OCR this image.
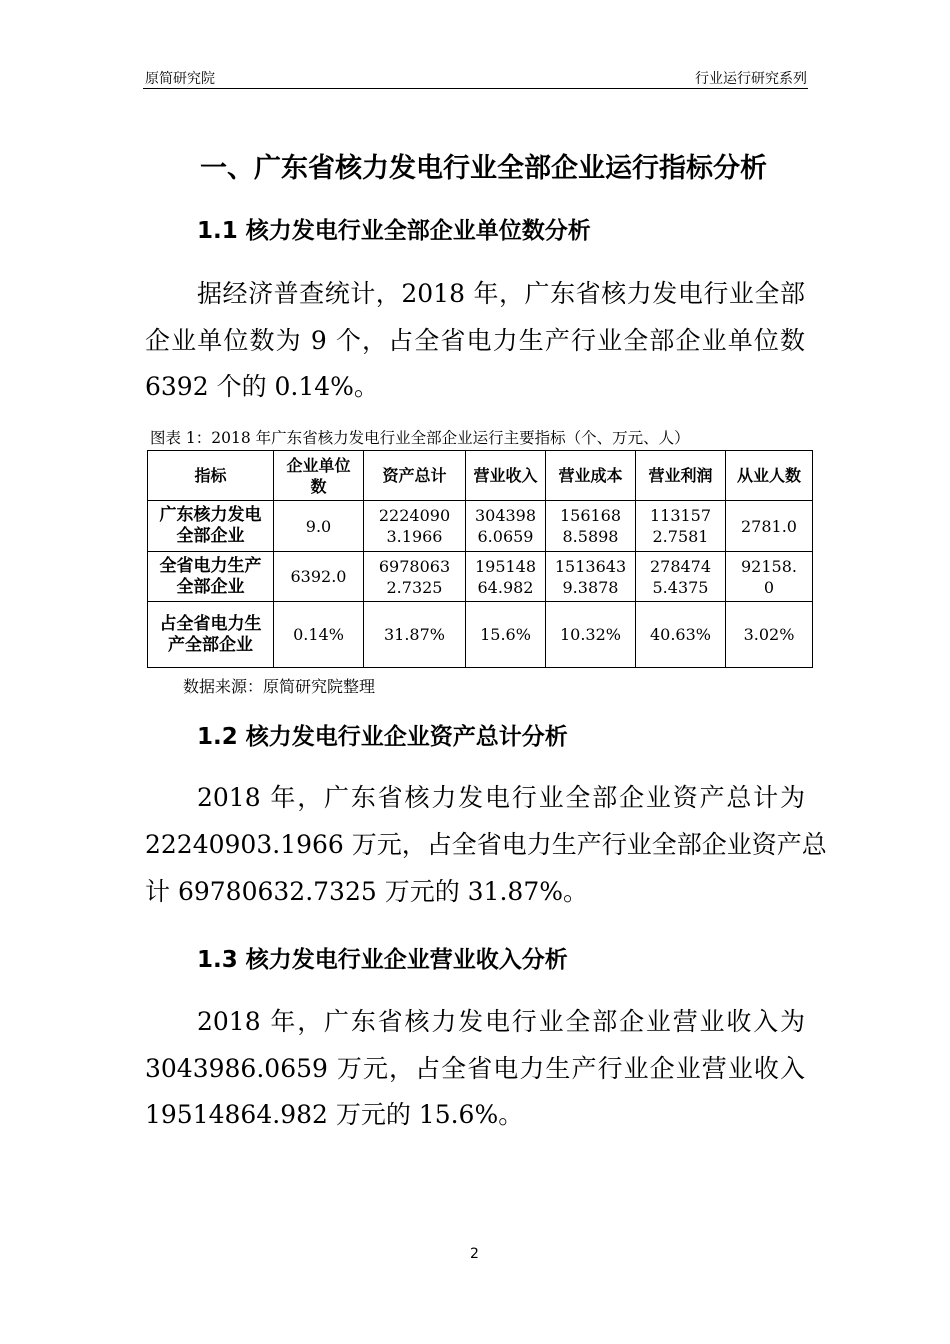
原简研究院	行业运行研究系列
一、广东省核力发电行业全部企业运行指标分析
1.1 核力发电行业全部企业单位数分析
据经济普查统计，2018 年，广东省核力发电行业全部
企业单位数为 9 个，占全省电力生产行业全部企业单位数
6392 个的 0.14%。
图表 1：2018 年广东省核力发电行业全部企业运行主要指标（个、万元、人）
指标	企业单位数	资产总计	营业收入	营业成本	营业利润	从业人数

广东核力发电全部企业	9.0	22240903.1966	3043986.0659	1561688.5898	1131572.7581	2781.0

全省电力生产全部企业	6392.0	69780632.7325	19514864.982	15136439.3878	2784745.4375	92158.0

占全省电力生产全部企业	0.14%	31.87%	15.6%	10.32%	40.63%	3.02%
数据来源：原简研究院整理
1.2 核力发电行业企业资产总计分析
2018 年，广东省核力发电行业全部企业资产总计为
22240903.1966 万元，占全省电力生产行业全部企业资产总
计 69780632.7325 万元的 31.87%。
1.3 核力发电行业企业营业收入分析
2018 年，广东省核力发电行业全部企业营业收入为
3043986.0659 万元，占全省电力生产行业企业营业收入
19514864.982 万元的 15.6%。
2
